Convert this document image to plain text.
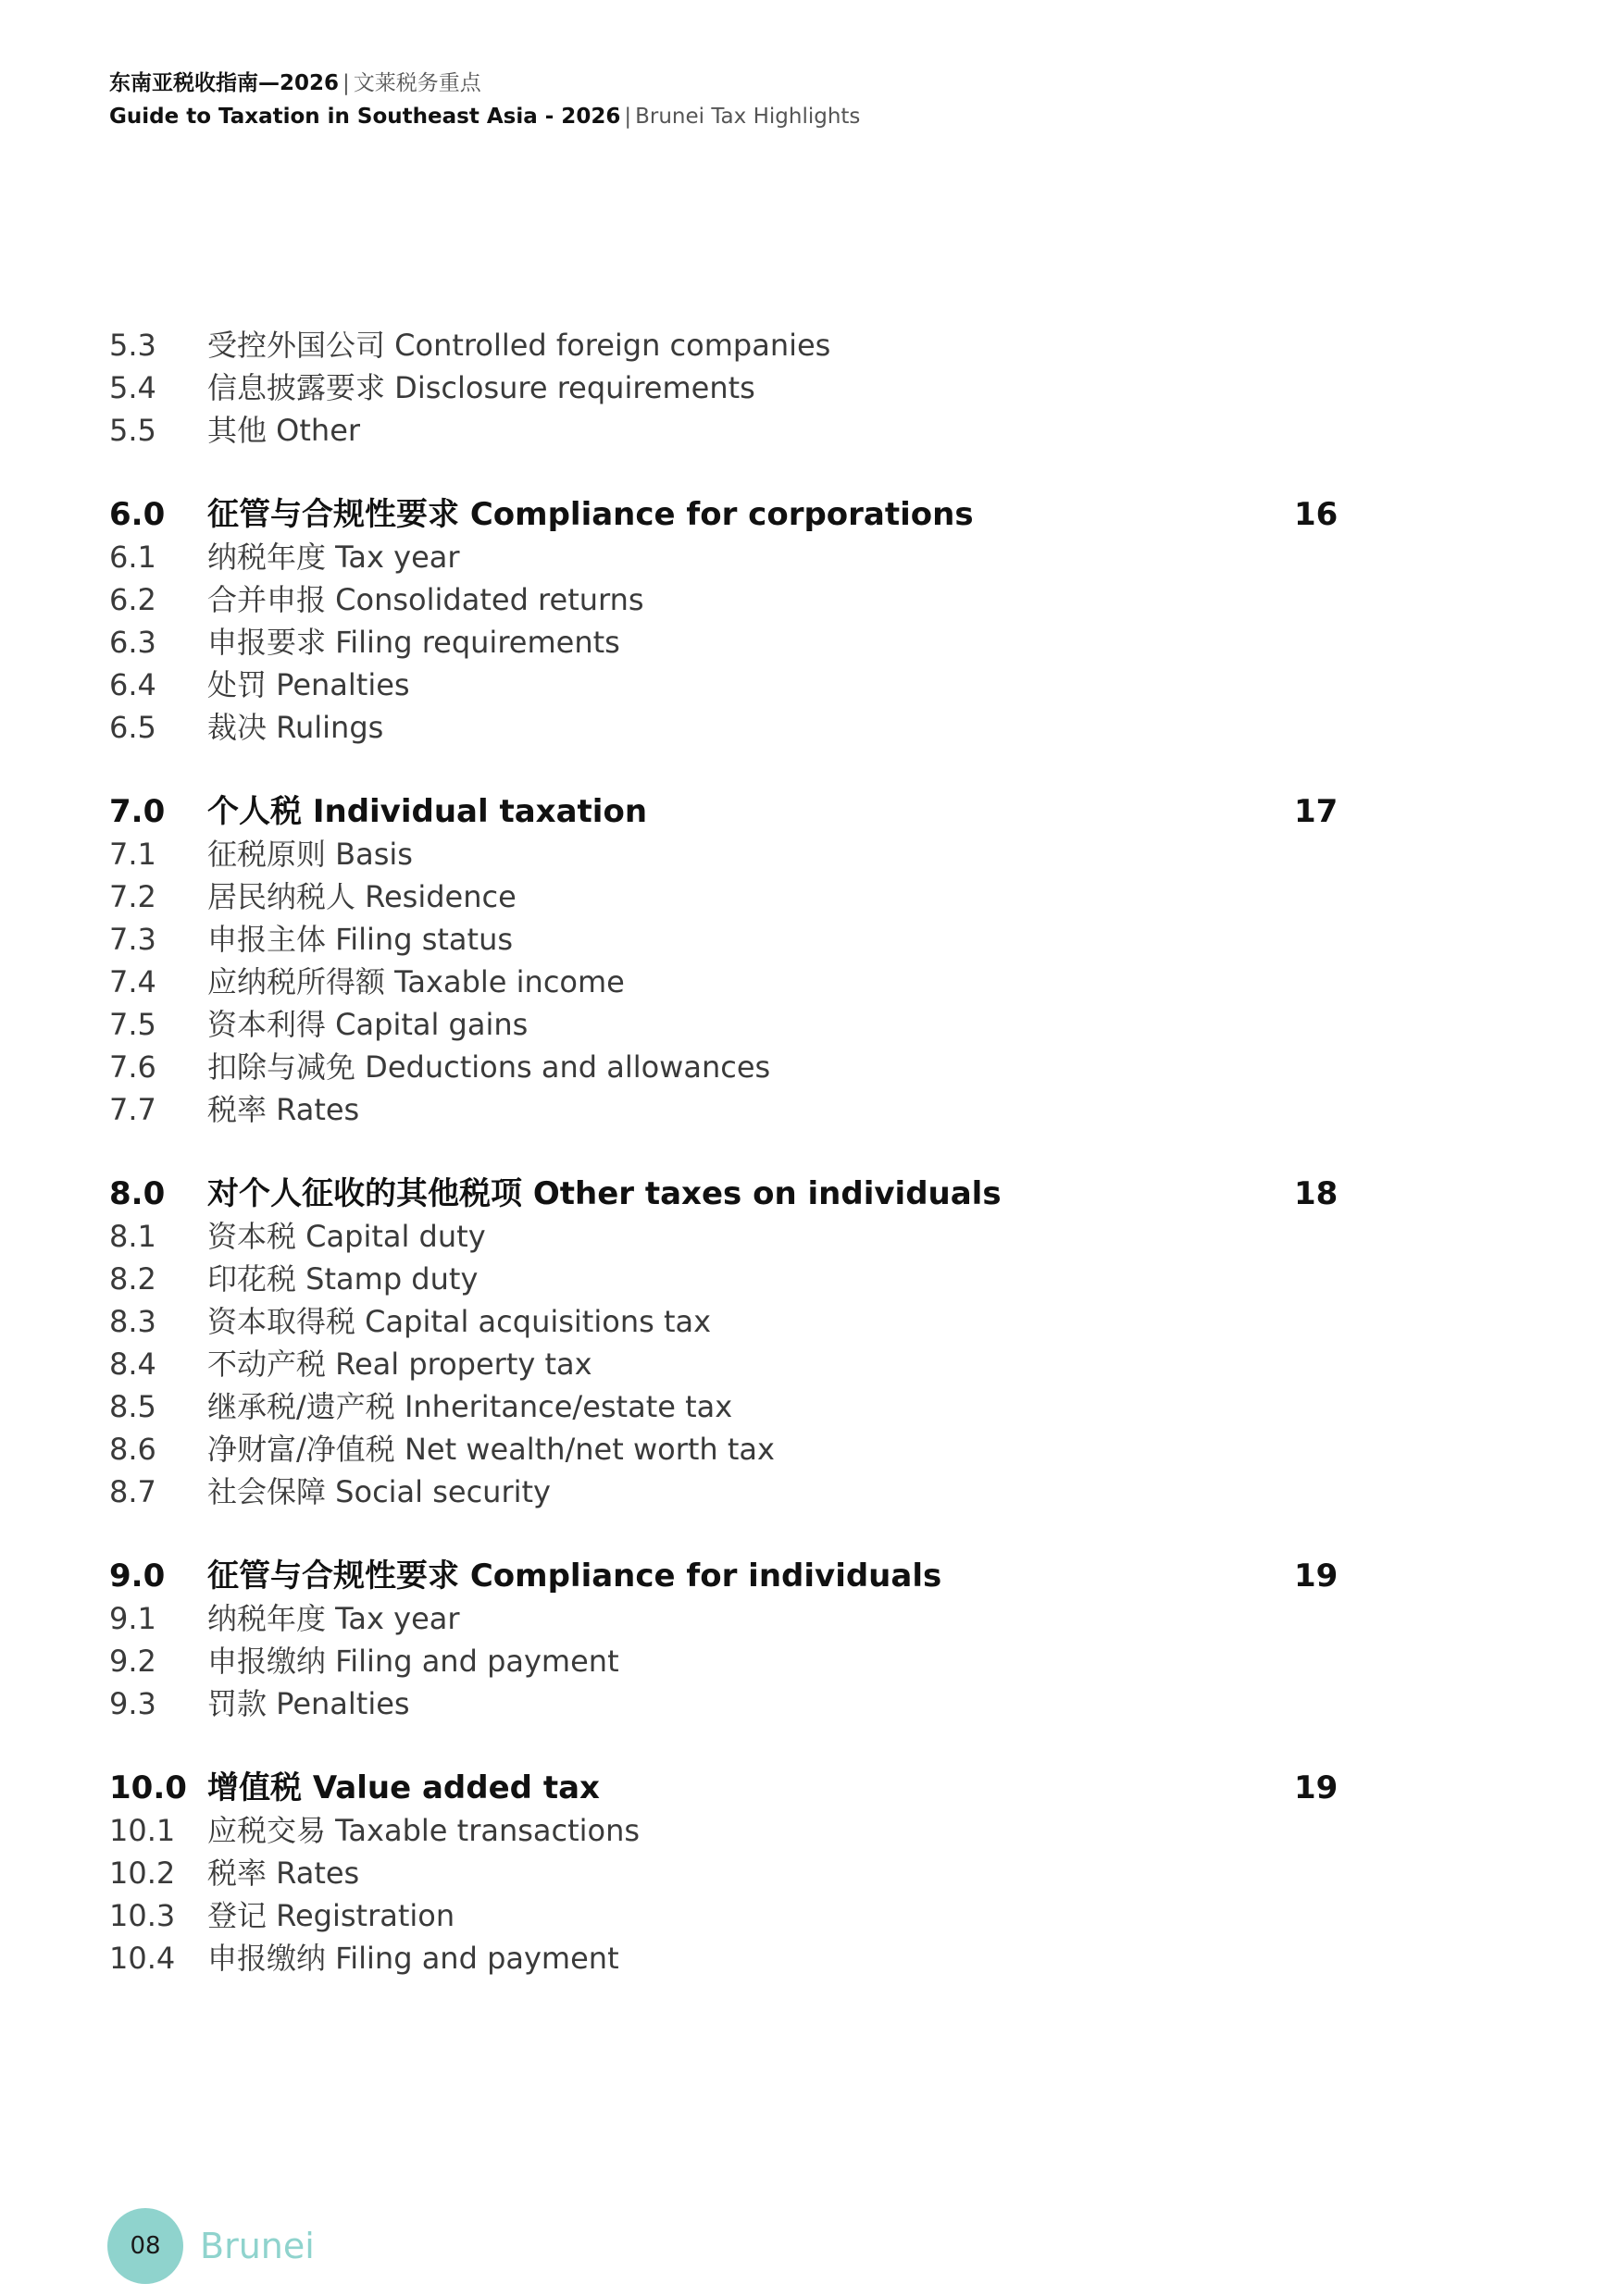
东南亚税收指南—2026 | 文莱税务重点
Guide to Taxation in Southeast Asia - 2026 | Brunei Tax Highlights
5.3 受控外国公司 Controlled foreign companies
5.4 信息披露要求 Disclosure requirements
5.5 其他 Other
6.0 征管与合规性要求 Compliance for corporations	16
6.1 纳税年度 Tax year
6.2 合并申报 Consolidated returns
6.3 申报要求 Filing requirements
6.4 处罚 Penalties
6.5 裁决 Rulings
7.0 个人税 Individual taxation	17
7.1 征税原则 Basis
7.2 居民纳税人 Residence
7.3 申报主体 Filing status
7.4 应纳税所得额 Taxable income
7.5 资本利得 Capital gains
7.6 扣除与减免 Deductions and allowances
7.7 税率 Rates
8.0 对个人征收的其他税项 Other taxes on individuals	18
8.1 资本税 Capital duty
8.2 印花税 Stamp duty
8.3 资本取得税 Capital acquisitions tax
8.4 不动产税 Real property tax
8.5 继承税/遗产税 Inheritance/estate tax
8.6 净财富/净值税 Net wealth/net worth tax
8.7 社会保障 Social security
9.0 征管与合规性要求 Compliance for individuals	19
9.1 纳税年度 Tax year
9.2 申报缴纳 Filing and payment
9.3 罚款 Penalties
10.0 增值税 Value added tax	19
10.1 应税交易 Taxable transactions
10.2 税率 Rates
10.3 登记 Registration
10.4 申报缴纳 Filing and payment
08	Brunei
